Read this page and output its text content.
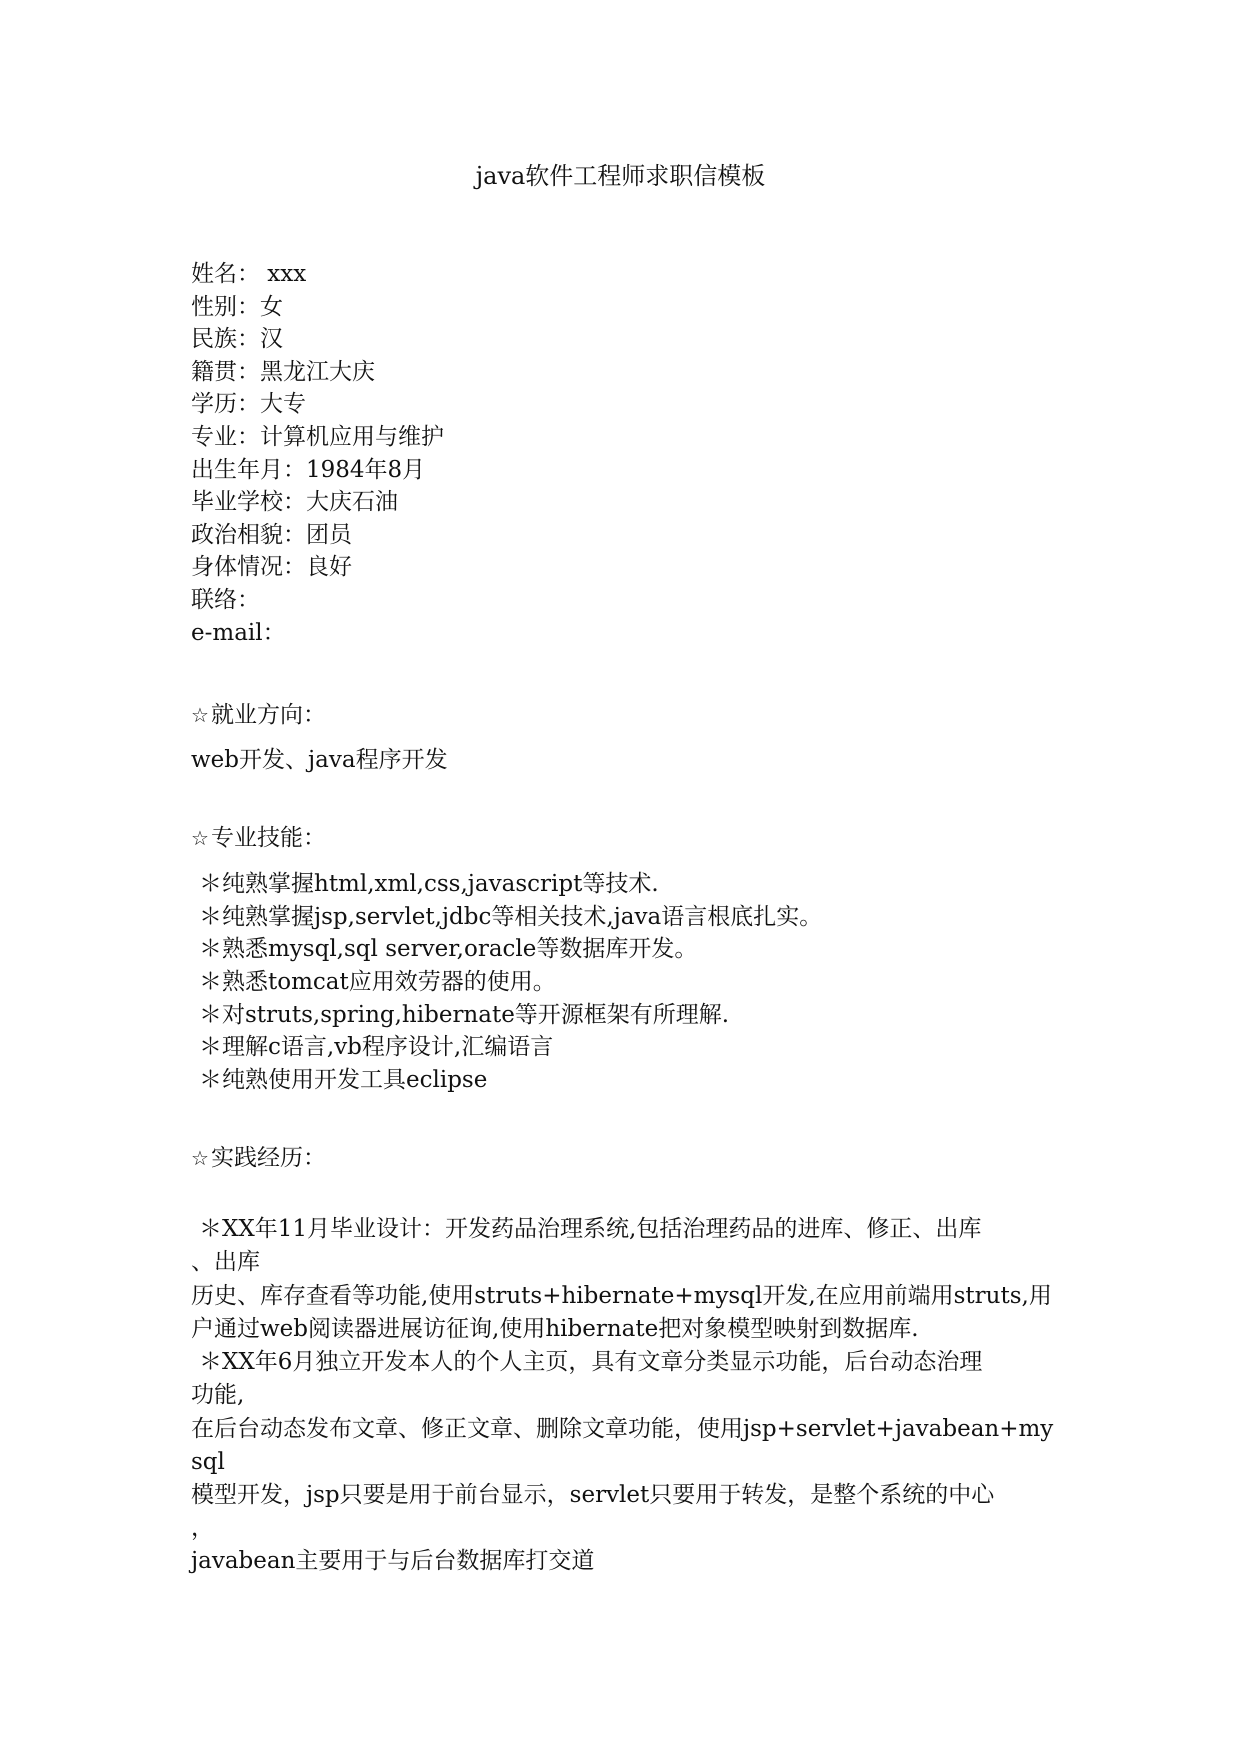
java软件工程师求职信模板
姓名： xxx
性别：女
民族：汉
籍贯：黑龙江大庆
学历：大专
专业：计算机应用与维护
出生年月：1984年8月
毕业学校：大庆石油
政治相貌：团员
身体情况：良好
联络：
e-mail：
☆就业方向：
web开发、java程序开发
☆专业技能：
＊纯熟掌握html,xml,css,javascript等技术.
＊纯熟掌握jsp,servlet,jdbc等相关技术,java语言根底扎实。
＊熟悉mysql,sql server,oracle等数据库开发。
＊熟悉tomcat应用效劳器的使用。
＊对struts,spring,hibernate等开源框架有所理解.
＊理解c语言,vb程序设计,汇编语言
＊纯熟使用开发工具eclipse
☆实践经历：
＊XX年11月毕业设计：开发药品治理系统,包括治理药品的进库、修正、出库
、出库
历史、库存查看等功能,使用struts+hibernate+mysql开发,在应用前端用struts,用
户通过web阅读器进展访征询,使用hibernate把对象模型映射到数据库.
＊XX年6月独立开发本人的个人主页，具有文章分类显示功能，后台动态治理
功能,
在后台动态发布文章、修正文章、删除文章功能，使用jsp+servlet+javabean+my
sql
模型开发，jsp只要是用于前台显示，servlet只要用于转发，是整个系统的中心
，
javabean主要用于与后台数据库打交道
